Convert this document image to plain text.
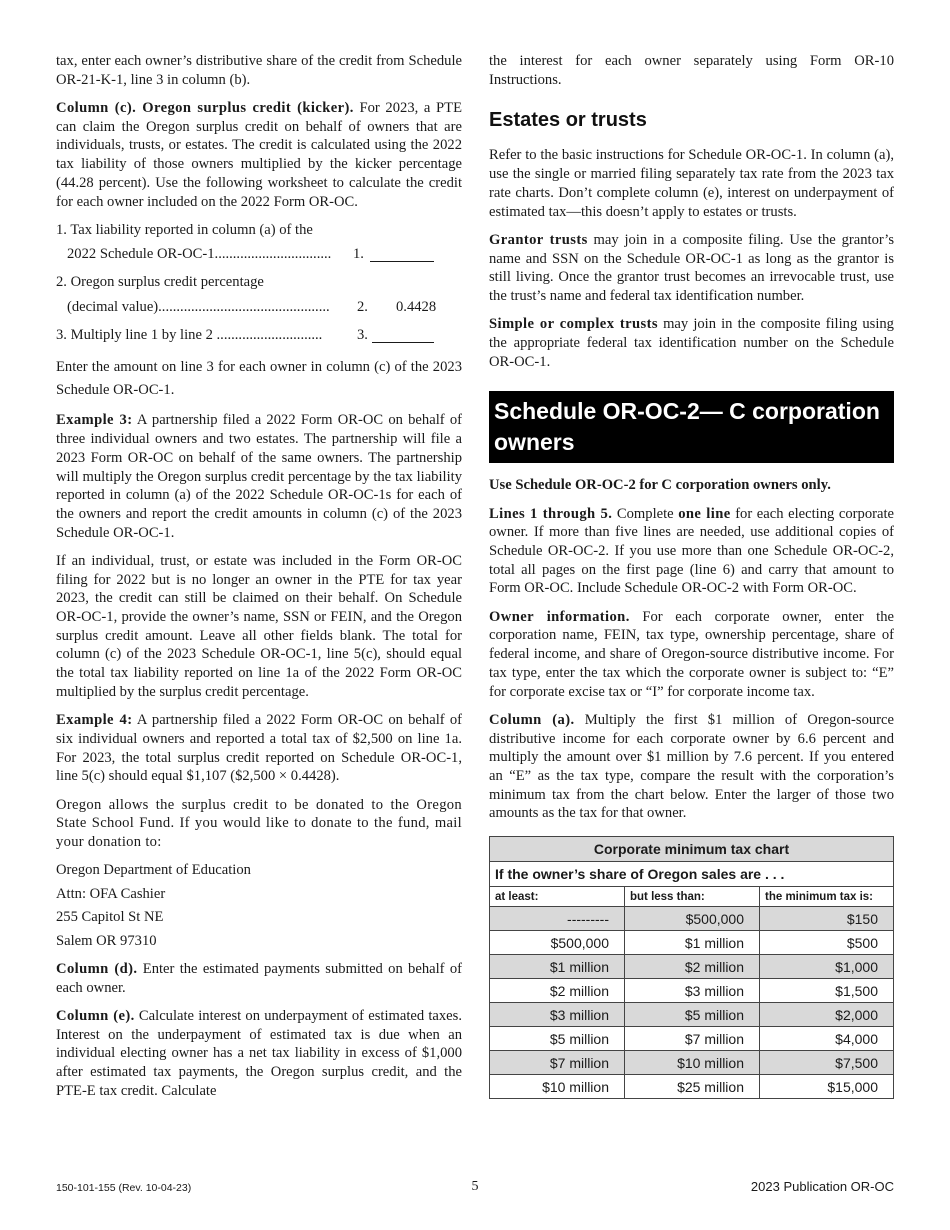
tax, enter each owner’s distributive share of the credit from Schedule OR-21-K-1, line 3 in column (b).

Column (c). Oregon surplus credit (kicker). For 2023, a PTE can claim the Oregon surplus credit on behalf of owners that are individuals, trusts, or estates. The credit is calculated using the 2022 tax liability of those owners multiplied by the kicker percentage (44.28 percent). Use the following worksheet to calculate the credit for each owner included on the 2022 Form OR-OC.

1. Tax liability reported in column (a) of the
2022 Schedule OR-OC-1................................ 1.
2. Oregon surplus credit percentage
(decimal value)............................................... 2. 0.4428
3. Multiply line 1 by line 2 ............................. 3.

Enter the amount on line 3 for each owner in column (c) of the 2023 Schedule OR-OC-1.

Example 3: A partnership filed a 2022 Form OR-OC on behalf of three individual owners and two estates. The partnership will file a 2023 Form OR-OC on behalf of the same owners. The partnership will multiply the Oregon surplus credit percentage by the tax liability reported in column (a) of the 2022 Schedule OR-OC-1s for each of the owners and report the credit amounts in column (c) of the 2023 Schedule OR-OC-1.

If an individual, trust, or estate was included in the Form OR-OC filing for 2022 but is no longer an owner in the PTE for tax year 2023, the credit can still be claimed on their behalf. On Schedule OR-OC-1, provide the owner’s name, SSN or FEIN, and the Oregon surplus credit amount. Leave all other fields blank. The total for column (c) of the 2023 Schedule OR-OC-1, line 5(c), should equal the total tax liability reported on line 1a of the 2022 Form OR-OC multiplied by the surplus credit percentage.

Example 4: A partnership filed a 2022 Form OR-OC on behalf of six individual owners and reported a total tax of $2,500 on line 1a. For 2023, the total surplus credit reported on Schedule OR-OC-1, line 5(c) should equal $1,107 ($2,500 × 0.4428).

Oregon allows the surplus credit to be donated to the Oregon State School Fund. If you would like to donate to the fund, mail your donation to:

Oregon Department of Education
Attn: OFA Cashier
255 Capitol St NE
Salem OR 97310

Column (d). Enter the estimated payments submitted on behalf of each owner.

Column (e). Calculate interest on underpayment of estimated taxes. Interest on the underpayment of estimated tax is due when an individual electing owner has a net tax liability in excess of $1,000 after estimated tax payments, the Oregon surplus credit, and the PTE-E tax credit. Calculate

the interest for each owner separately using Form OR-10 Instructions.

Estates or trusts

Refer to the basic instructions for Schedule OR-OC-1. In column (a), use the single or married filing separately tax rate from the 2023 tax rate charts. Don’t complete column (e), interest on underpayment of estimated tax—this doesn’t apply to estates or trusts.

Grantor trusts may join in a composite filing. Use the grantor’s name and SSN on the Schedule OR-OC-1 as long as the grantor is still living. Once the grantor trust becomes an irrevocable trust, use the trust’s name and federal tax identification number.

Simple or complex trusts may join in the composite filing using the appropriate federal tax identification number on the Schedule OR-OC-1.

Schedule OR-OC-2— C corporation owners

Use Schedule OR-OC-2 for C corporation owners only.

Lines 1 through 5. Complete one line for each electing corporate owner. If more than five lines are needed, use additional copies of Schedule OR-OC-2. If you use more than one Schedule OR-OC-2, total all pages on the first page (line 6) and carry that amount to Form OR-OC. Include Schedule OR-OC-2 with Form OR-OC.

Owner information. For each corporate owner, enter the corporation name, FEIN, tax type, ownership percentage, share of federal income, and share of Oregon-source distributive income. For tax type, enter the tax which the corporate owner is subject to: “E” for corporate excise tax or “I” for corporate income tax.

Column (a). Multiply the first $1 million of Oregon-source distributive income for each corporate owner by 6.6 percent and multiply the amount over $1 million by 7.6 percent. If you entered an “E” as the tax type, compare the result with the corporation’s minimum tax from the chart below. Enter the larger of those two amounts as the tax for that owner.

Corporate minimum tax chart		
If the owner’s share of Oregon sales are . . .		
at least:	but less than:	the minimum tax is:
---------	$500,000	$150
$500,000	$1 million	$500
$1 million	$2 million	$1,000
$2 million	$3 million	$1,500
$3 million	$5 million	$2,000
$5 million	$7 million	$4,000
$7 million	$10 million	$7,500
$10 million	$25 million	$15,000
150-101-155 (Rev. 10-04-23)	5	2023 Publication OR-OC
